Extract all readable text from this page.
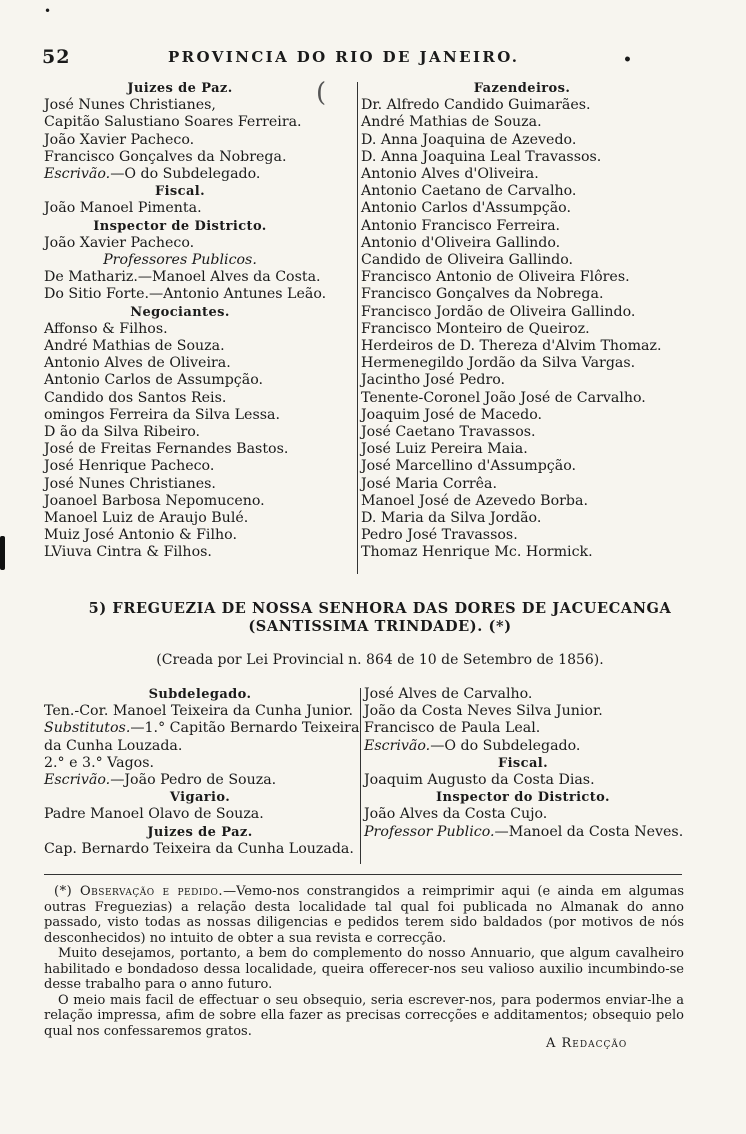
•
52	PROVINCIA DO RIO DE JANEIRO.	•
(
Juizes de Paz.
José Nunes Christianes,
Capitão Salustiano Soares Ferreira.
João Xavier Pacheco.
Francisco Gonçalves da Nobrega.
Escrivão.—O do Subdelegado.
Fiscal.
João Manoel Pimenta.
Inspector de Districto.
João Xavier Pacheco.
Professores Publicos.
De Mathariz.—Manoel Alves da Costa.
Do Sitio Forte.—Antonio Antunes Leão.
Negociantes.
Affonso & Filhos.
André Mathias de Souza.
Antonio Alves de Oliveira.
Antonio Carlos de Assumpção.
Candido dos Santos Reis.
omingos Ferreira da Silva Lessa.
D ão da Silva Ribeiro.
José de Freitas Fernandes Bastos.
José Henrique Pacheco.
José Nunes Christianes.
Joanoel Barbosa Nepomuceno.
Manoel Luiz de Araujo Bulé.
Muiz José Antonio & Filho.
LViuva Cintra & Filhos.
Fazendeiros.
Dr. Alfredo Candido Guimarães.
André Mathias de Souza.
D. Anna Joaquina de Azevedo.
D. Anna Joaquina Leal Travassos.
Antonio Alves d'Oliveira.
Antonio Caetano de Carvalho.
Antonio Carlos d'Assumpção.
Antonio Francisco Ferreira.
Antonio d'Oliveira Gallindo.
Candido de Oliveira Gallindo.
Francisco Antonio de Oliveira Flôres.
Francisco Gonçalves da Nobrega.
Francisco Jordão de Oliveira Gallindo.
Francisco Monteiro de Queiroz.
Herdeiros de D. Thereza d'Alvim Thomaz.
Hermenegildo Jordão da Silva Vargas.
Jacintho José Pedro.
Tenente-Coronel João José de Carvalho.
Joaquim José de Macedo.
José Caetano Travassos.
José Luiz Pereira Maia.
José Marcellino d'Assumpção.
José Maria Corrêa.
Manoel José de Azevedo Borba.
D. Maria da Silva Jordão.
Pedro José Travassos.
Thomaz Henrique Mc. Hormick.
5) FREGUEZIA DE NOSSA SENHORA DAS DORES DE JACUECANGA
(SANTISSIMA TRINDADE). (*)
(Creada por Lei Provincial n. 864 de 10 de Setembro de 1856).
Subdelegado.
Ten.-Cor. Manoel Teixeira da Cunha Junior.
Substitutos.—1.° Capitão Bernardo Teixeira
da Cunha Louzada.
2.° e 3.° Vagos.
Escrivão.—João Pedro de Souza.
Vigario.
Padre Manoel Olavo de Souza.
Juizes de Paz.
Cap. Bernardo Teixeira da Cunha Louzada.
José Alves de Carvalho.
João da Costa Neves Silva Junior.
Francisco de Paula Leal.
Escrivão.—O do Subdelegado.
Fiscal.
Joaquim Augusto da Costa Dias.
Inspector do Districto.
João Alves da Costa Cujo.
Professor Publico.—Manoel da Costa Neves.

(*) Observação e pedido.—Vemo-nos constrangidos a reimprimir aqui (e ainda em algumas outras Freguezias) a relação desta localidade tal qual foi publicada no Almanak do anno passado, visto todas as nossas diligencias e pedidos terem sido baldados (por motivos de nós desconhecidos) no intuito de obter a sua revista e correcção.

Muito desejamos, portanto, a bem do complemento do nosso Annuario, que algum cavalheiro habilitado e bondadoso dessa localidade, queira offerecer-nos seu valioso auxilio incumbindo-se desse trabalho para o anno futuro.

O meio mais facil de effectuar o seu obsequio, seria escrever-nos, para podermos enviar-lhe a relação impressa, afim de sobre ella fazer as precisas correcções e additamentos; obsequio pelo qual nos confessaremos gratos.

A Redacção
